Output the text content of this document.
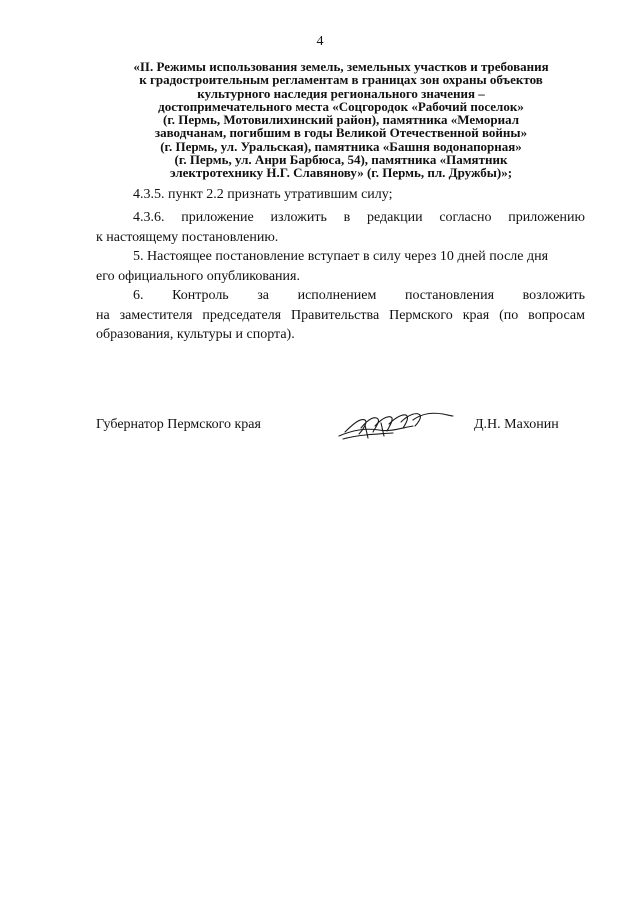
4
«II. Режимы использования земель, земельных участков и требования
к градостроительным регламентам в границах зон охраны объектов
культурного наследия регионального значения –
достопримечательного места «Соцгородок «Рабочий поселок»
(г. Пермь, Мотовилихинский район), памятника «Мемориал
заводчанам, погибшим в годы Великой Отечественной войны»
(г. Пермь, ул. Уральская), памятника «Башня водонапорная»
(г. Пермь, ул. Анри Барбюса, 54), памятника «Памятник
электротехнику Н.Г. Славянову» (г. Пермь, пл. Дружбы)»;
4.3.5. пункт 2.2 признать утратившим силу;
4.3.6. приложение изложить в редакции согласно приложению
к настоящему постановлению.
5. Настоящее постановление вступает в силу через 10 дней после дня
его официального опубликования.
6. Контроль за исполнением постановления возложить
на заместителя председателя Правительства Пермского края (по вопросам
образования, культуры и спорта).
Губернатор Пермского края	Д.Н. Махонин
